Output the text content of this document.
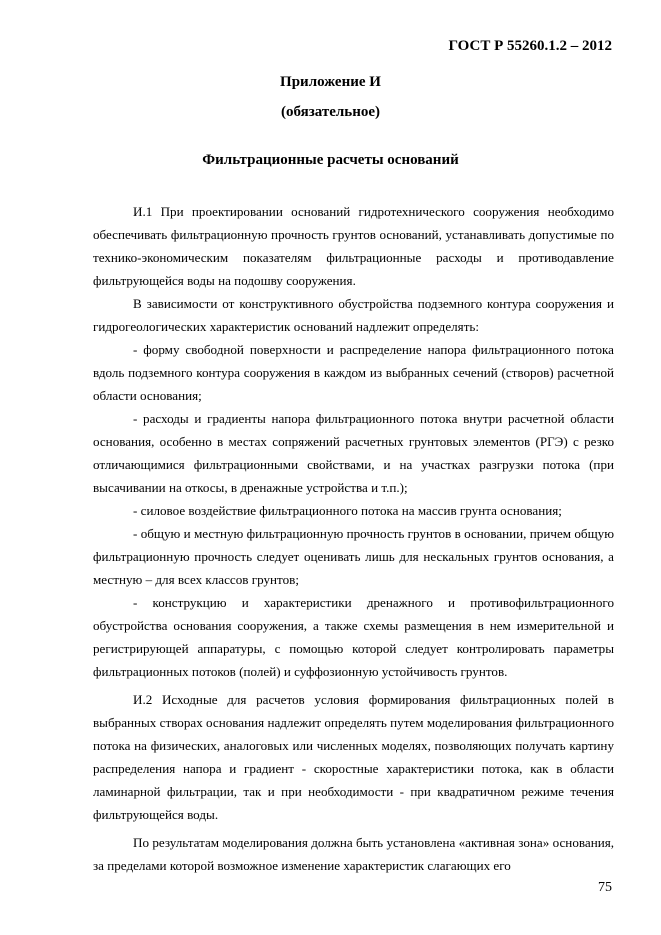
ГОСТ Р 55260.1.2 – 2012
Приложение И
(обязательное)
Фильтрационные расчеты оснований

И.1 При проектировании оснований гидротехнического сооружения необходимо обеспечивать фильтрационную прочность грунтов оснований, устанавливать допустимые по технико-экономическим показателям фильтрационные расходы и противодавление фильтрующейся воды на подошву сооружения.

В зависимости от конструктивного обустройства подземного контура сооружения и гидрогеологических характеристик оснований надлежит определять:

- форму свободной поверхности и распределение напора фильтрационного потока вдоль подземного контура сооружения в каждом из выбранных сечений (створов) расчетной области основания;

- расходы и градиенты напора фильтрационного потока внутри расчетной области основания, особенно в местах сопряжений расчетных грунтовых элементов (РГЭ) с резко отличающимися фильтрационными свойствами, и на участках разгрузки потока (при высачивании на откосы, в дренажные устройства и т.п.);

- силовое воздействие фильтрационного потока на массив грунта основания;

- общую и местную фильтрационную прочность грунтов в основании, причем общую фильтрационную прочность следует оценивать лишь для нескальных грунтов основания, а местную – для всех классов грунтов;

- конструкцию и характеристики дренажного и противофильтрационного обустройства основания сооружения, а также схемы размещения в нем измерительной и регистрирующей аппаратуры, с помощью которой следует контролировать параметры фильтрационных потоков (полей) и суффозионную устойчивость грунтов.

И.2 Исходные для расчетов условия формирования фильтрационных полей в выбранных створах основания надлежит определять путем моделирования фильтрационного потока на физических, аналоговых или численных моделях, позволяющих получать картину распределения напора и градиент - скоростные характеристики потока, как в области ламинарной фильтрации, так и при необходимости - при квадратичном режиме течения фильтрующейся воды.

По результатам моделирования должна быть установлена «активная зона» основания, за пределами которой возможное изменение характеристик слагающих его

75
